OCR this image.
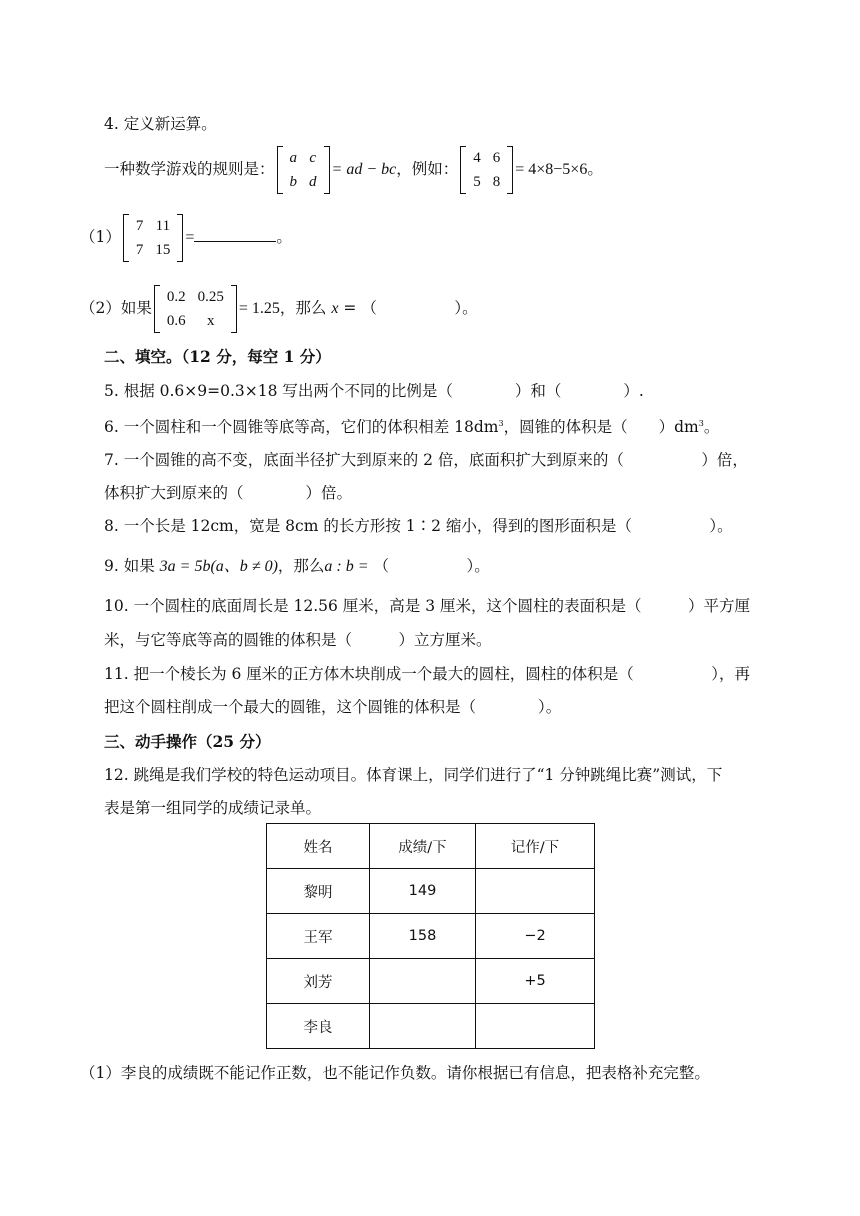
4. 定义新运算。
一种数学游戏的规则是：
a	c
b	d
= ad − bc，例如：
4	6
5	8
= 4×8−5×6。
（1）
7	11
7	15
=	。
（2）如果
0.2	0.25
0.6	x
= 1.25，那么 x = （　　　　　）。
二、填空。（12 分，每空 1 分）
5. 根据 0.6×9=0.3×18 写出两个不同的比例是（　　　　）和（　　　　）.
6. 一个圆柱和一个圆锥等底等高，它们的体积相差 $18dm^3$，圆锥的体积是（　　）$dm^3$。
7. 一个圆锥的高不变，底面半径扩大到原来的 2 倍，底面积扩大到原来的（　　　　　）倍，
体积扩大到原来的（　　　　）倍。
8. 一个长是 12cm，宽是 8cm 的长方形按 1∶2 缩小，得到的图形面积是（　　　　　）。
9. 如果 3a = 5b(a、b ≠ 0)，那么a : b = （　　　　　）。
10. 一个圆柱的底面周长是 12.56 厘米，高是 3 厘米，这个圆柱的表面积是（　　　）平方厘
米，与它等底等高的圆锥的体积是（　　　）立方厘米。
11. 把一个棱长为 6 厘米的正方体木块削成一个最大的圆柱，圆柱的体积是（　　　　　），再
把这个圆柱削成一个最大的圆锥，这个圆锥的体积是（　　　　）。
三、动手操作（25 分）
12. 跳绳是我们学校的特色运动项目。体育课上，同学们进行了“1 分钟跳绳比赛”测试，下
表是第一组同学的成绩记录单。
姓名	成绩/下	记作/下
黎明	149	
王军	158	−2
刘芳		+5
李良		
（1）李良的成绩既不能记作正数，也不能记作负数。请你根据已有信息，把表格补充完整。
